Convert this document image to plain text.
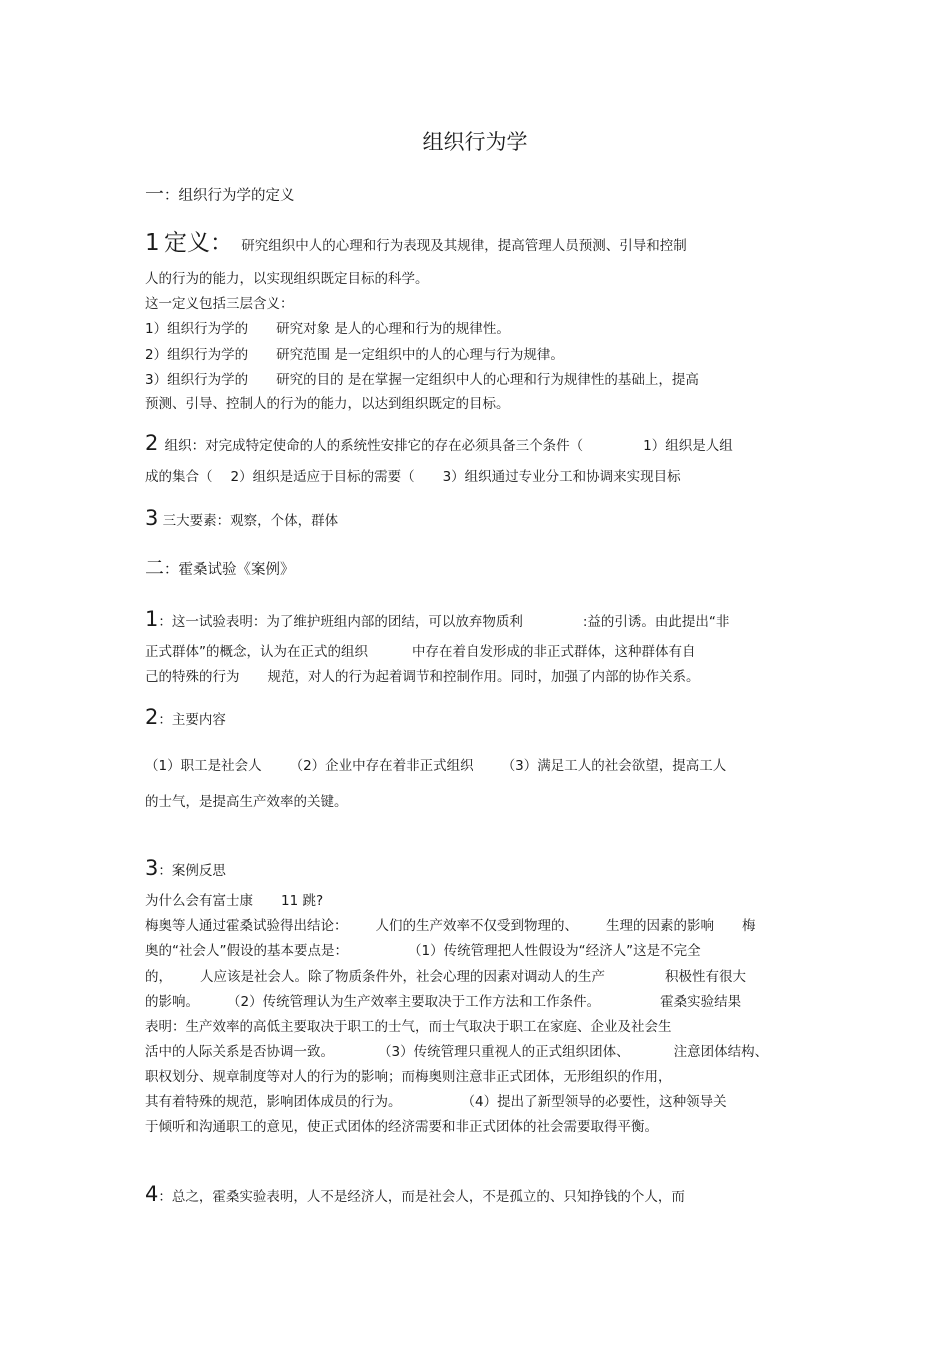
组织行为学
一：组织行为学的定义
1 定义： 研究组织中人的心理和行为表现及其规律，提高管理人员预测、引导和控制
人的行为的能力，以实现组织既定目标的科学。
这一定义包括三层含义：
1）组织行为学的 研究对象 是人的心理和行为的规律性。
2）组织行为学的 研究范围 是一定组织中的人的心理与行为规律。
3）组织行为学的 研究的目的 是在掌握一定组织中人的心理和行为规律性的基础上，提高
预测、引导、控制人的行为的能力，以达到组织既定的目标。
2 组织：对完成特定使命的人的系统性安排它的存在必须具备三个条件（	1）组织是人组
成的集合（ 2）组织是适应于目标的需要（ 3）组织通过专业分工和协调来实现目标
3 三大要素：观察，个体，群体
二：霍桑试验《案例》
1：这一试验表明：为了维护班组内部的团结，可以放弃物质利	:益的引诱。由此提出“非
正式群体”的概念，认为在正式的组织	中存在着自发形成的非正式群体，这种群体有自
己的特殊的行为 规范，对人的行为起着调节和控制作用。同时，加强了内部的协作关系。
2：主要内容
（1）职工是社会人 （2）企业中存在着非正式组织 （3）满足工人的社会欲望，提高工人
的士气，是提高生产效率的关键。
3：案例反思
为什么会有富士康 11 跳?
梅奥等人通过霍桑试验得出结论： 人们的生产效率不仅受到物理的、 生理的因素的影响 梅
奥的“社会人”假设的基本要点是：	（1）传统管理把人性假设为“经济人”这是不完全
的， 人应该是社会人。除了物质条件外，社会心理的因素对调动人的生产	积极性有很大
的影响。 （2）传统管理认为生产效率主要取决于工作方法和工作条件。	霍桑实验结果
表明：生产效率的高低主要取决于职工的士气，而士气取决于职工在家庭、企业及社会生
活中的人际关系是否协调一致。	（3）传统管理只重视人的正式组织团体、	注意团体结构、
职权划分、规章制度等对人的行为的影响；而梅奥则注意非正式团体，无形组织的作用，
其有着特殊的规范，影响团体成员的行为。	（4）提出了新型领导的必要性，这种领导关
于倾听和沟通职工的意见，使正式团体的经济需要和非正式团体的社会需要取得平衡。
4：总之，霍桑实验表明，人不是经济人，而是社会人，不是孤立的、只知挣钱的个人，而
